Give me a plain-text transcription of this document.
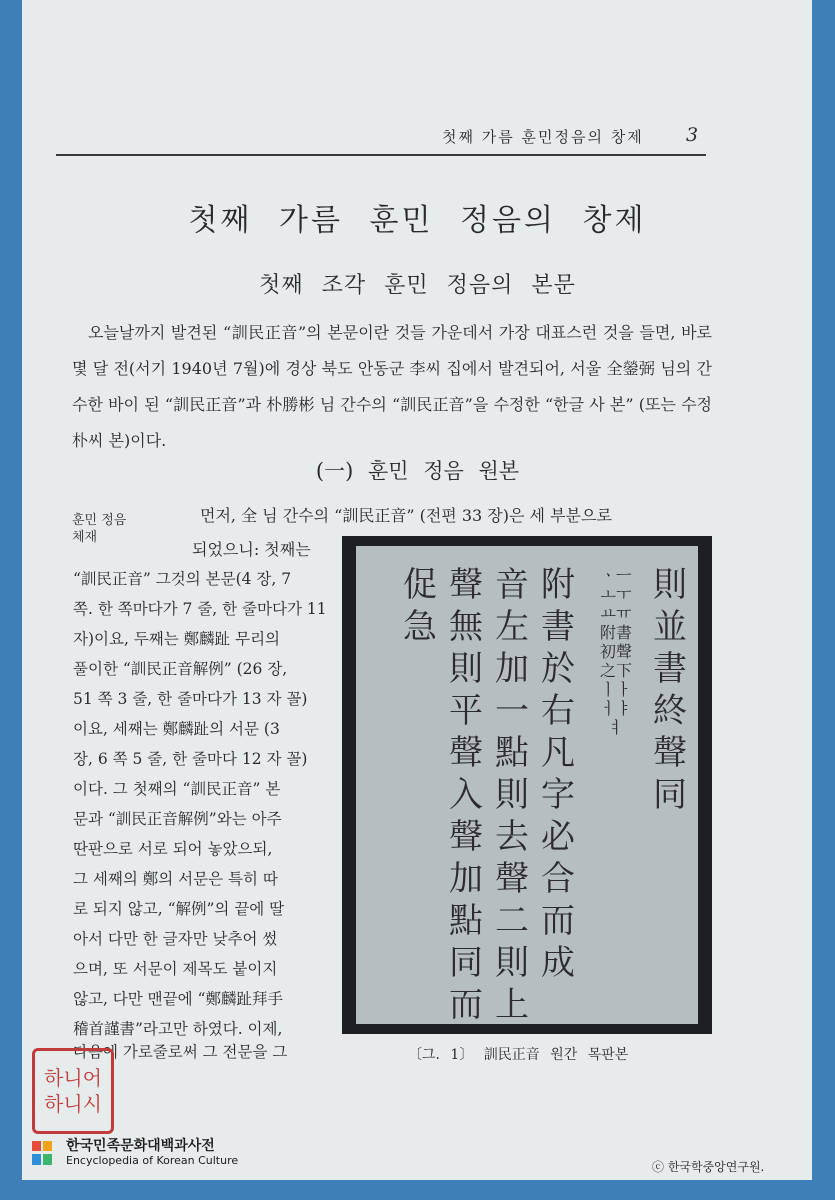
첫째 가름 훈민정음의 창제 3
첫째 가름 훈민 정음의 창제
첫째 조각 훈민 정음의 본문

오늘날까지 발견된 “訓民正音”의 본문이란 것들 가운데서 가장 대표스런 것을 들면, 바로 몇 달 전(서기 1940년 7월)에 경상 북도 안동군 李씨 집에서 발견되어, 서울 全鎣弼 님의 간수한 바이 된 “訓民正音”과 朴勝彬 님 간수의 “訓民正音”을 수정한 “한글 사 본” (또는 수정 朴씨 본)이다.

(一) 훈민 정음 원본
훈민 정음
체재
먼저, 全 님 간수의 “訓民正音” (전편 33 장)은 세 부분으로
되었으니: 첫째는
“訓民正音” 그것의 본문(4 장, 7
쪽. 한 쪽마다가 7 줄, 한 줄마다가 11
자)이요, 두째는 鄭麟趾 무리의
풀이한 “訓民正音解例” (26 장,
51 쪽 3 줄, 한 줄마다가 13 자 꼴)
이요, 세째는 鄭麟趾의 서문 (3
장, 6 쪽 5 줄, 한 줄마다 12 자 꼴)
이다. 그 첫째의 “訓民正音” 본
문과 “訓民正音解例”와는 아주
딴판으로 서로 되어 놓았으되,
그 세째의 鄭의 서문은 특히 따
로 되지 않고, “解例”의 끝에 딸
아서 다만 한 글자만 낮추어 썼
으며, 또 서문이 제목도 붙이지
않고, 다만 맨끝에 “鄭麟趾拜手
稽首謹書”라고만 하였다. 이제,
다음에 가로줄로써 그 전문을 그
則並書終聲同
ㆍㅡㅗㅜㅛㅠ附書初聲之下ㅣㅏㅓㅑㅕ
附書於右凡字必合而成
音左加一點則去聲二則上
聲無則平聲入聲加點同而
促急
〔그. 1〕 訓民正音 원간 목판본
하니어
하니시
한국민족문화대백과사전
Encyclopedia of Korean Culture	ⓒ 한국학중앙연구원.
